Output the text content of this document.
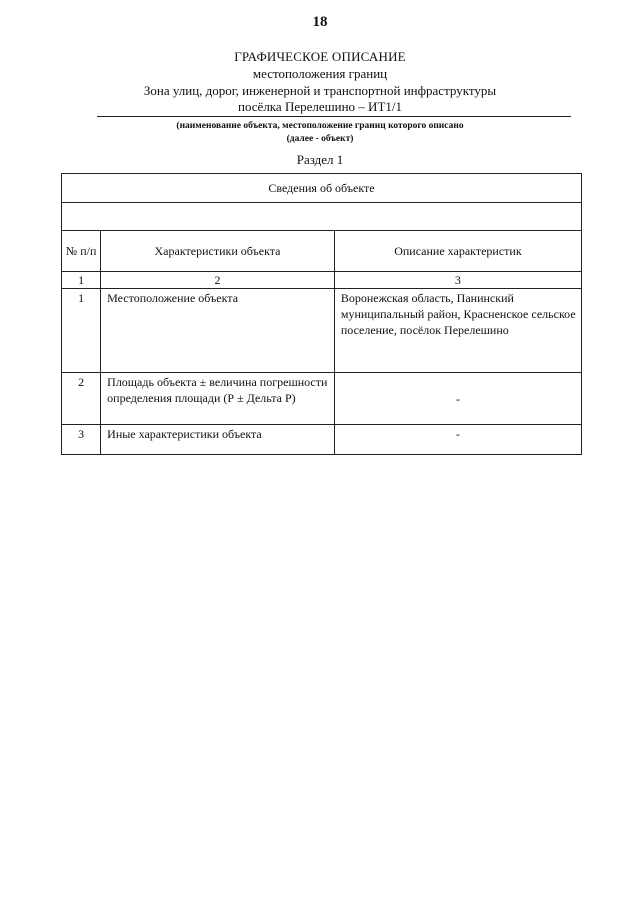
18
ГРАФИЧЕСКОЕ ОПИСАНИЕ
местоположения границ
Зона улиц, дорог, инженерной и транспортной инфраструктуры
посёлка Перелешино – ИТ1/1
(наименование объекта, местоположение границ которого описано
(далее - объект)
Раздел 1
Сведения об объекте		

№ п/п	Характеристики объекта	Описание характеристик
1	2	3
1	Местоположение объекта	Воронежская область, Панинский муниципальный район, Красненское сельское поселение, посёлок Перелешино
2	Площадь объекта ± величина погрешности определения площади (Р ± Дельта Р)	-
3	Иные характеристики объекта	-
